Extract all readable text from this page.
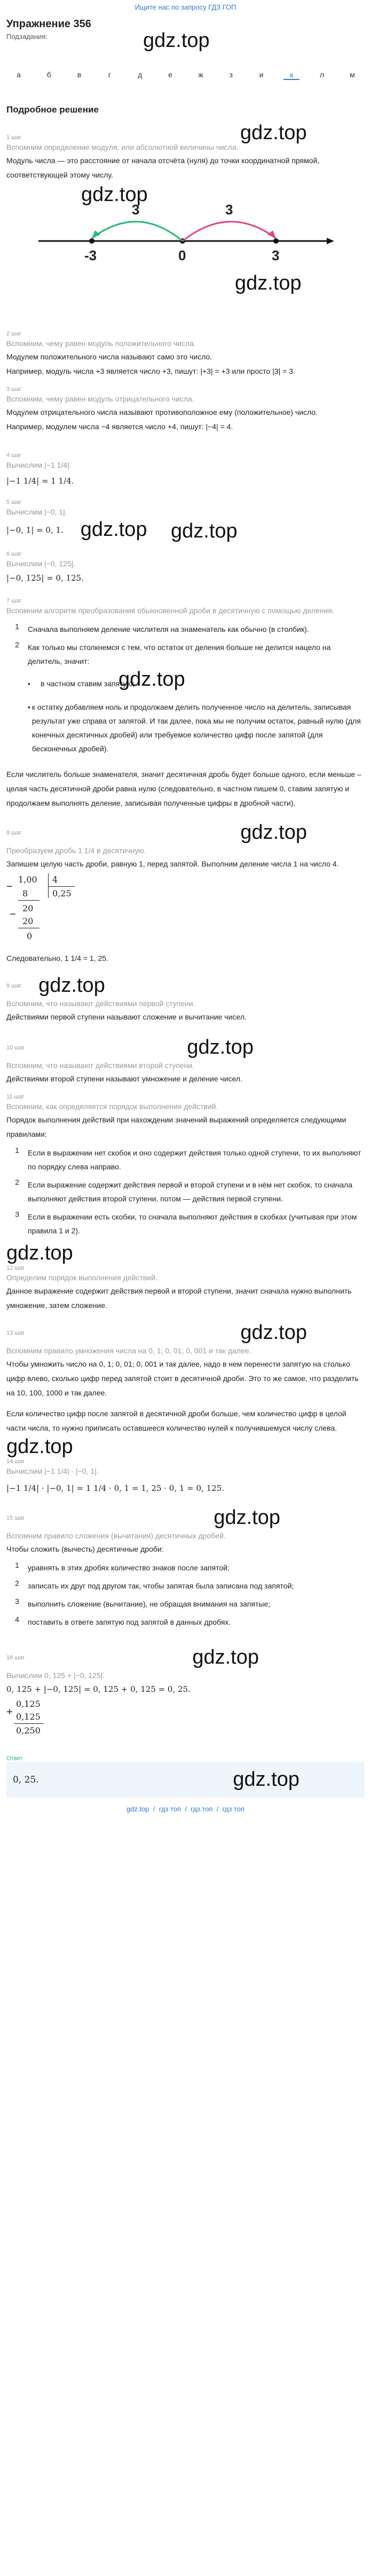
Ищите нас по запросу ГДЗ ГОП
Упражнение 356
Подзадания:	gdz.top
а	б	в	г	д	е	ж	з	и	к	л	м
Подробное решение
gdz.top
1 шаг
Вспомним определение модуля, или абсолютной величины числа.
Модуль числа — это расстояние от начала отсчёта (нуля) до точки координатной прямой, соответствующей этому числу.
gdz.top
3	3
-3	0	3
gdz.top
2 шаг
Вспомним, чему равен модуль положительного числа.
Модулем положительного числа называют само это число.
Например, модуль числа +3 является число +3, пишут: |+3| = +3 или просто |3| = 3.
3 шаг
Вспомним, чему равен модуль отрицательного числа.
Модулем отрицательного числа называют противоположное ему (положительное) число.
gdz.top
Например, модулем числа −4 является число +4, пишут: |−4| = 4.
4 шаг
Вычислим |−1 1/4|.
|−1 1/4| = 1 1/4.
5 шаг
Вычислим |−0, 1|.
|−0, 1| = 0, 1. gdz.top
6 шаг
Вычислим |−0, 125|.
|−0, 125| = 0, 125.
7 шаг
Вспомним алгоритм преобразования обыкновенной дроби в десятичную с помощью деления.
1	Сначала выполняем деление числителя на знаменатель как обычно (в столбик).
2	Как только мы столкнемся с тем, что остаток от деления больше не делится нацело на делитель, значит:
•	в частном ставим запятую;
gdz.top
• к остатку добавляем ноль и продолжаем делить полученное число на делитель, записывая результат уже справа от запятой. И так далее, пока мы не получим остаток, равный нулю (для конечных десятичных дробей) или требуемое количество цифр после запятой (для бесконечных дробей).
Если числитель больше знаменателя, значит десятичная дробь будет больше одного, если меньше – целая часть десятичной дроби равна нулю (следовательно, в частном пишем 0, ставим запятую и продолжаем выполнять деление, записывая полученные цифры в дробной части).
8 шаг	gdz.top
Преобразуем дробь 1 1/4 в десятичную.
Запишем целую часть дроби, равную 1, перед запятой. Выполним деление числа 1 на число 4.
−
1,00
8
−
20
20
0
4
0,25
Следовательно, 1 1/4 = 1, 25.
9 шаг gdz.top
Вспомним, что называют действиями первой ступени.
Действиями первой ступени называют сложение и вычитание чисел.
10 шаг	gdz.top
Вспомним, что называют действиями второй ступени.
Действиями второй ступени называют умножение и деление чисел.
11 шаг
Вспомним, как определяется порядок выполнения действий.
Порядок выполнения действий при нахождении значений выражений определяется следующими правилами:
1	Если в выражении нет скобок и оно содержит действия только одной ступени, то их выполняют по порядку слева направо.
2	Если выражение содержит действия первой и второй ступени и в нём нет скобок, то сначала выполняют действия второй ступени, потом — действия первой ступени.
3	Если в выражении есть скобки, то сначала выполняют действия в скобках (учитывая при этом правила 1 и 2).
gdz.top
12 шаг
Определим порядок выполнения действий.
Данное выражение содержит действия первой и второй ступени, значит сначала нужно выполнить умножение, затем сложение.
13 шаг	gdz.top
Вспомним правило умножения числа на 0, 1; 0, 01; 0, 001 и так далее.
Чтобы умножить число на 0, 1; 0, 01; 0, 001 и так далее, надо в нем перенести запятую на столько цифр влево, сколько цифр перед запятой стоит в десятичной дроби. Это то же самое, что разделить на 10, 100, 1000 и так далее.
Если количество цифр после запятой в десятичной дроби больше, чем количество цифр в целой части числа, то нужно приписать оставшееся количество нулей к получившемуся числу слева.
gdz.top
14 шаг
Вычислим |−1 1/4| · |−0, 1|.
|−1 1/4| · |−0, 1| = 1 1/4 · 0, 1 = 1, 25 · 0, 1 = 0, 125.
15 шаг	gdz.top
Вспомним правило сложения (вычитания) десятичных дробей.
Чтобы сложить (вычесть) десятичные дроби:
1	уравнять в этих дробях количество знаков после запятой;
2	записать их друг под другом так, чтобы запятая была записана под запятой;
3	выполнить сложение (вычитание), не обращая внимания на запятые;
4	поставить в ответе запятую под запятой в данных дробях.
16 шаг	gdz.top
Вычислим 0, 125 + |−0, 125|.
0, 125 + |−0, 125| = 0, 125 + 0, 125 = 0, 25.
+
0,125
0,125
0,250
Ответ
0, 25.	gdz.top
gdz.top  /  гдз топ  /  гдз.топ  /  гдз топ
